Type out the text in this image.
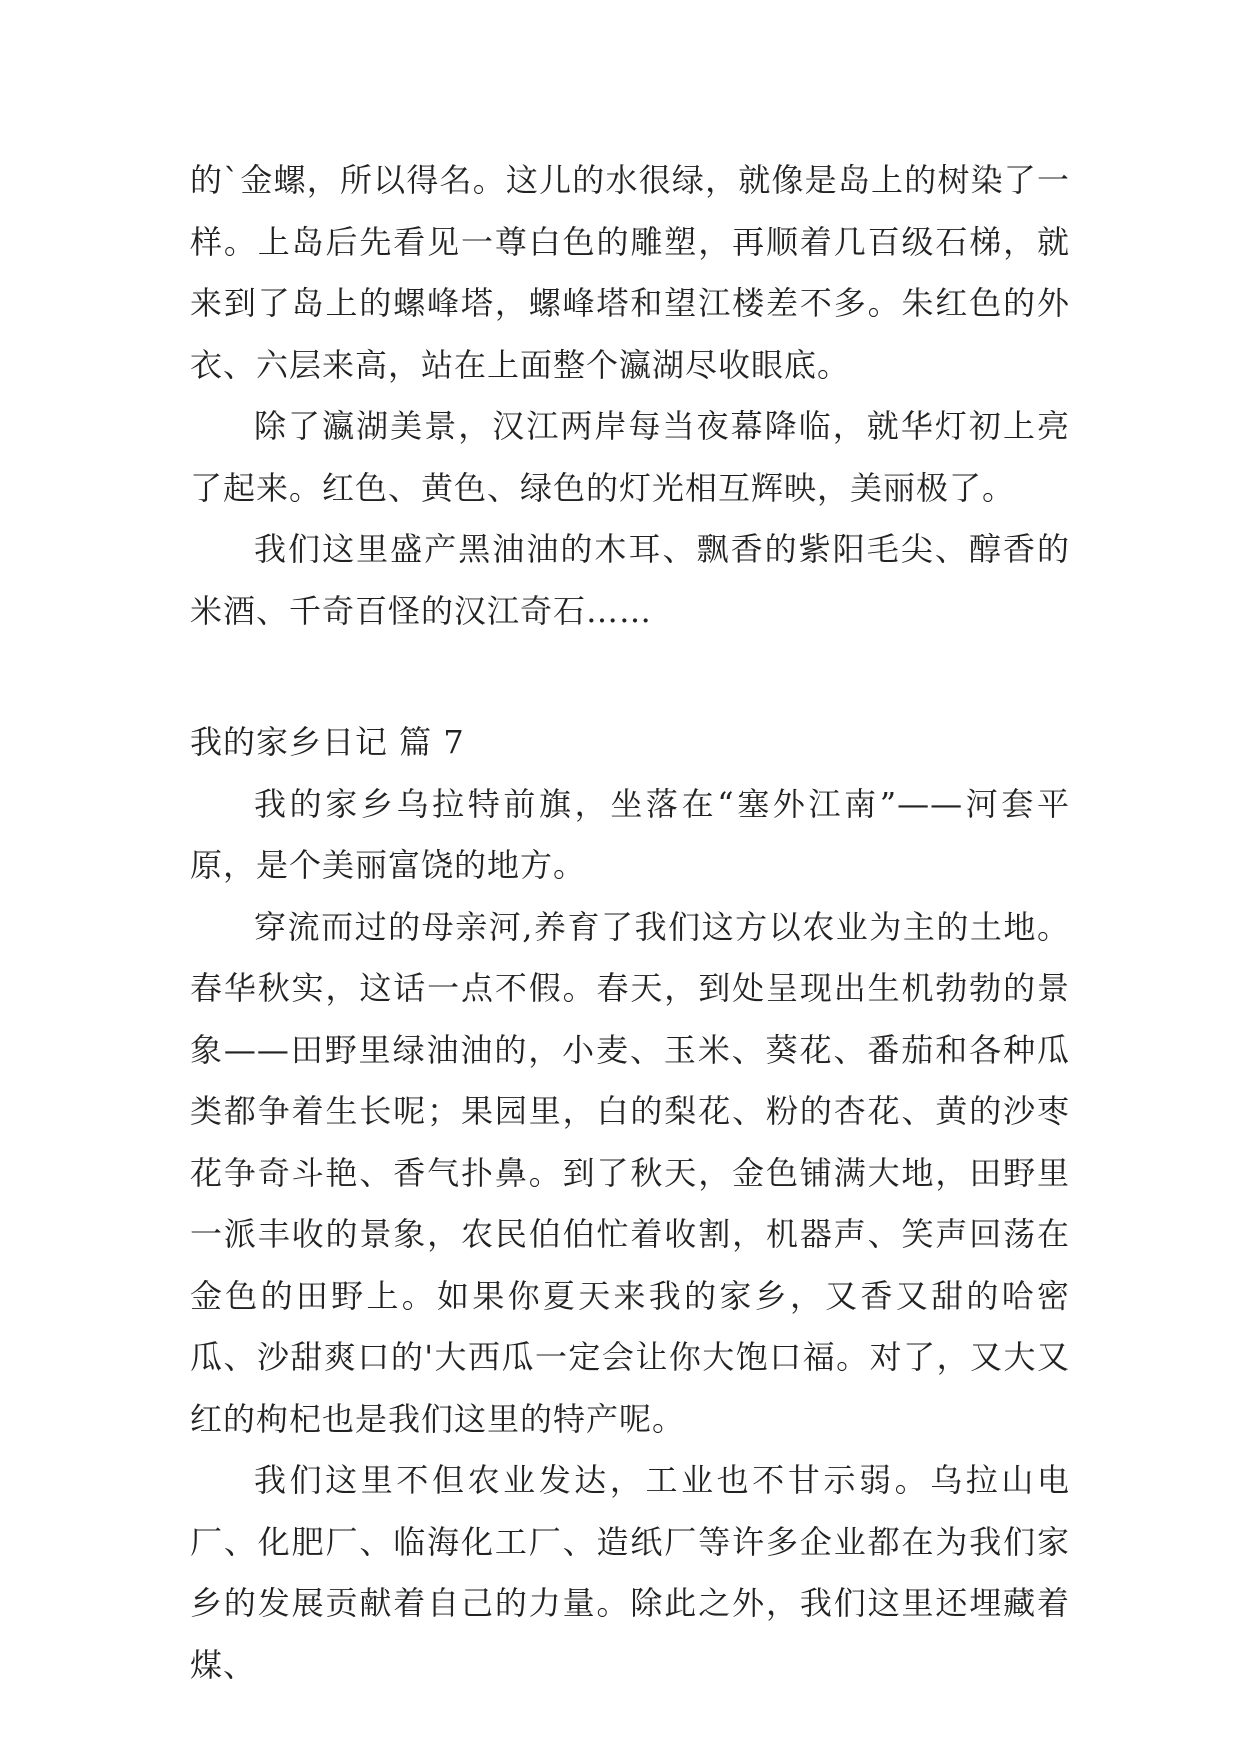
的`金螺，所以得名。这儿的水很绿，就像是岛上的树染了一样。上岛后先看见一尊白色的雕塑，再顺着几百级石梯，就来到了岛上的螺峰塔，螺峰塔和望江楼差不多。朱红色的外衣、六层来高，站在上面整个瀛湖尽收眼底。

除了瀛湖美景，汉江两岸每当夜幕降临，就华灯初上亮了起来。红色、黄色、绿色的灯光相互辉映，美丽极了。

我们这里盛产黑油油的木耳、飘香的紫阳毛尖、醇香的米酒、千奇百怪的汉江奇石……

我的家乡日记 篇 7

我的家乡乌拉特前旗，坐落在“塞外江南”——河套平原，是个美丽富饶的地方。

穿流而过的母亲河,养育了我们这方以农业为主的土地。春华秋实，这话一点不假。春天，到处呈现出生机勃勃的景象——田野里绿油油的，小麦、玉米、葵花、番茄和各种瓜类都争着生长呢；果园里，白的梨花、粉的杏花、黄的沙枣花争奇斗艳、香气扑鼻。到了秋天，金色铺满大地，田野里一派丰收的景象，农民伯伯忙着收割，机器声、笑声回荡在金色的田野上。如果你夏天来我的家乡，又香又甜的哈密瓜、沙甜爽口的'大西瓜一定会让你大饱口福。对了，又大又红的枸杞也是我们这里的特产呢。

我们这里不但农业发达，工业也不甘示弱。乌拉山电厂、化肥厂、临海化工厂、造纸厂等许多企业都在为我们家乡的发展贡献着自己的力量。除此之外，我们这里还埋藏着煤、
